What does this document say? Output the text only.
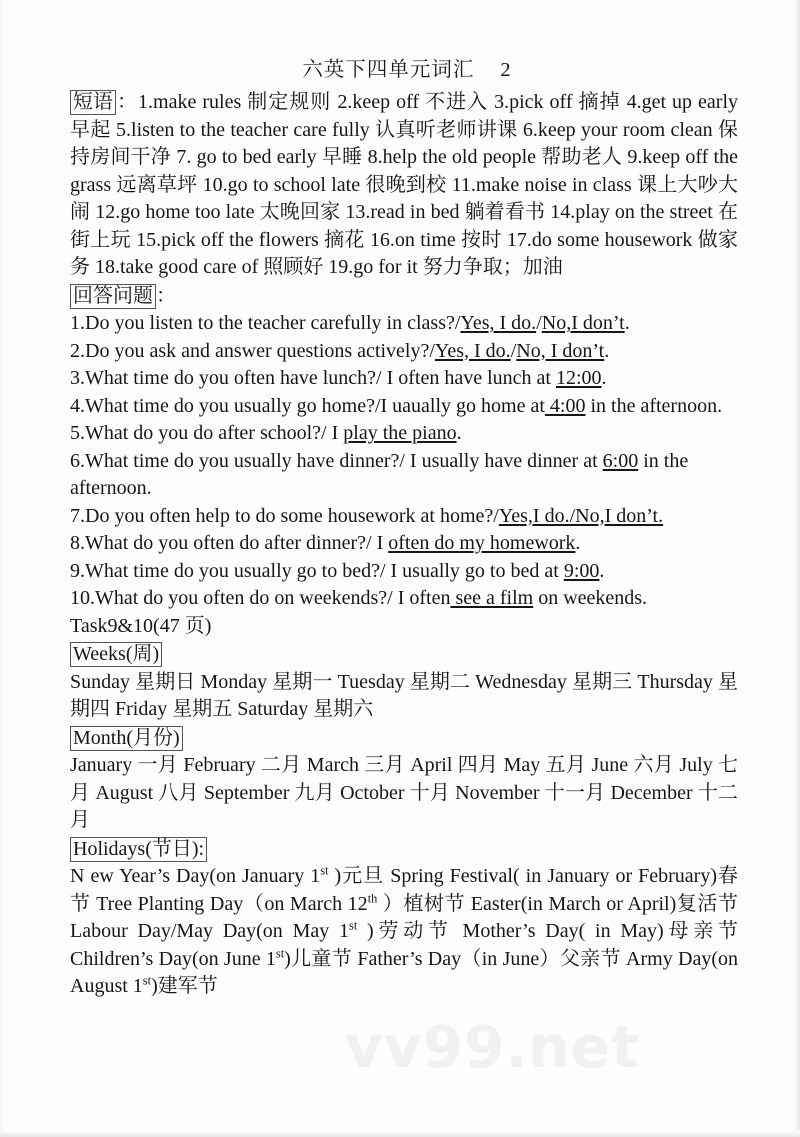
vv99.net
六英下四单元词汇 2

短语 ：1.make rules 制定规则 2.keep off 不进入 3.pick off 摘掉 4.get up early 早起 5.listen to the teacher care fully 认真听老师讲课 6.keep your room clean 保持房间干净 7. go to bed early 早睡 8.help the old people 帮助老人 9.keep off the grass 远离草坪 10.go to school late 很晚到校 11.make noise in class 课上大吵大闹 12.go home too late 太晚回家 13.read in bed 躺着看书 14.play on the street 在街上玩 15.pick off the flowers 摘花 16.on time 按时 17.do some housework 做家务 18.take good care of 照顾好 19.go for it 努力争取；加油

回答问题 ：

1.Do you listen to the teacher carefully in class?/Yes, I do./No,I don’t.

2.Do you ask and answer questions actively?/Yes, I do./No, I don’t.

3.What time do you often have lunch?/ I often have lunch at 12:00.

4.What time do you usually go home?/I uaually go home at 4:00 in the afternoon.

5.What do you do after school?/ I play the piano.

6.What time do you usually have dinner?/ I usually have dinner at 6:00 in the afternoon.

7.Do you often help to do some housework at home?/Yes,I do./No,I don’t.

8.What do you often do after dinner?/ I often do my homework.

9.What time do you usually go to bed?/ I usually go to bed at 9:00.

10.What do you often do on weekends?/ I often see a film on weekends.

Task9&10(47 页)

Weeks(周)

Sunday 星期日 Monday 星期一 Tuesday 星期二 Wednesday 星期三 Thursday 星期四 Friday 星期五 Saturday 星期六

Month(月份)

January 一月 February 二月 March 三月 April 四月 May 五月 June 六月 July 七月 August 八月 September 九月 October 十月 November 十一月 December 十二月

Holidays(节日):

N ew Year’s Day(on January 1st )元旦 Spring Festival( in January or February)春节 Tree Planting Day（on March 12th ）植树节 Easter(in March or April)复活节 Labour Day/May Day(on May 1st )劳动节 Mother’s Day( in May)母亲节 Children’s Day(on June 1st)儿童节 Father’s Day（in June）父亲节 Army Day(on August 1st)建军节
